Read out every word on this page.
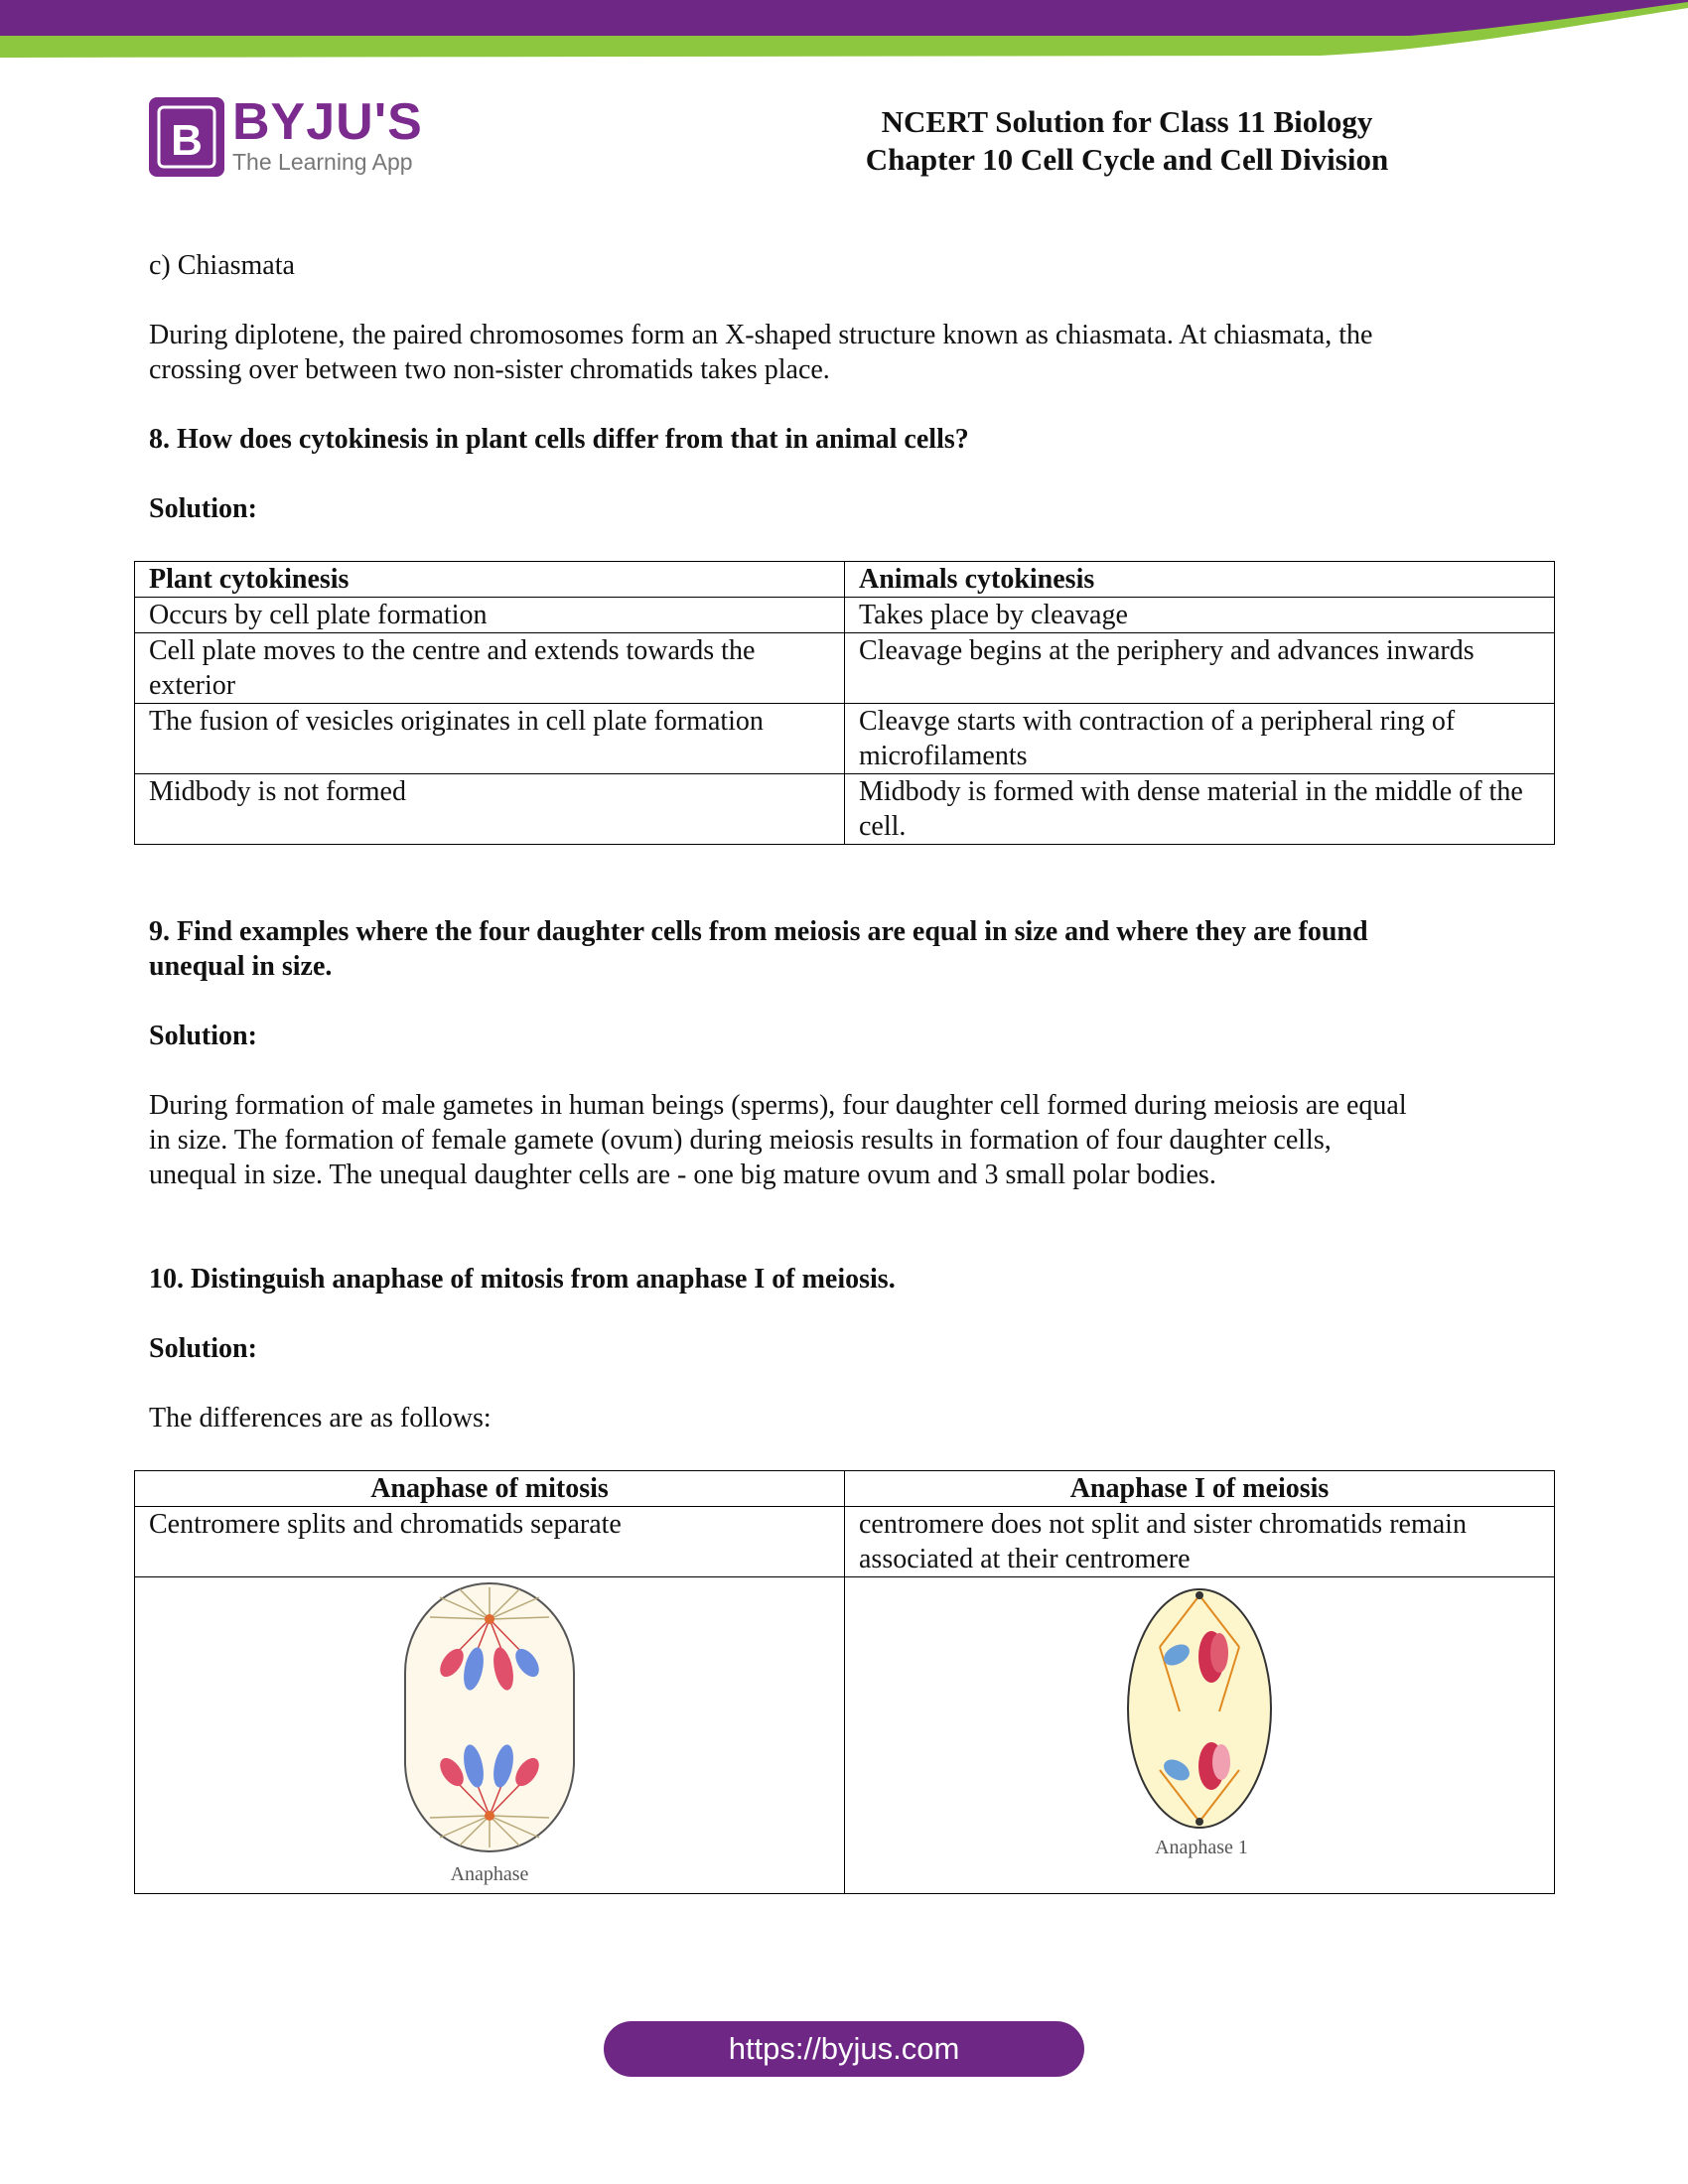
B BYJU'S
The Learning App
NCERT Solution for Class 11 Biology
Chapter 10 Cell Cycle and Cell Division

c) Chiasmata

During diplotene, the paired chromosomes form an X-shaped structure known as chiasmata. At chiasmata, the

crossing over between two non-sister chromatids takes place.

8. How does cytokinesis in plant cells differ from that in animal cells?

Solution:

Plant cytokinesis	Animals cytokinesis
Occurs by cell plate formation	Takes place by cleavage
Cell plate moves to the centre and extends towards the exterior	Cleavage begins at the periphery and advances inwards
The fusion of vesicles originates in cell plate formation	Cleavge starts with contraction of a peripheral ring of microfilaments
Midbody is not formed	Midbody is formed with dense material in the middle of the cell.

9. Find examples where the four daughter cells from meiosis are equal in size and where they are found

unequal in size.

Solution:

During formation of male gametes in human beings (sperms), four daughter cell formed during meiosis are equal

in size. The formation of female gamete (ovum) during meiosis results in formation of four daughter cells,

unequal in size. The unequal daughter cells are - one big mature ovum and 3 small polar bodies.

10. Distinguish anaphase of mitosis from anaphase I of meiosis.

Solution:

The differences are as follows:

Anaphase of mitosis	Anaphase I of meiosis
Centromere splits and chromatids separate	centromere does not split and sister chromatids remain associated at their centromere

Anaphase	Anaphase 1
https://byjus.com
